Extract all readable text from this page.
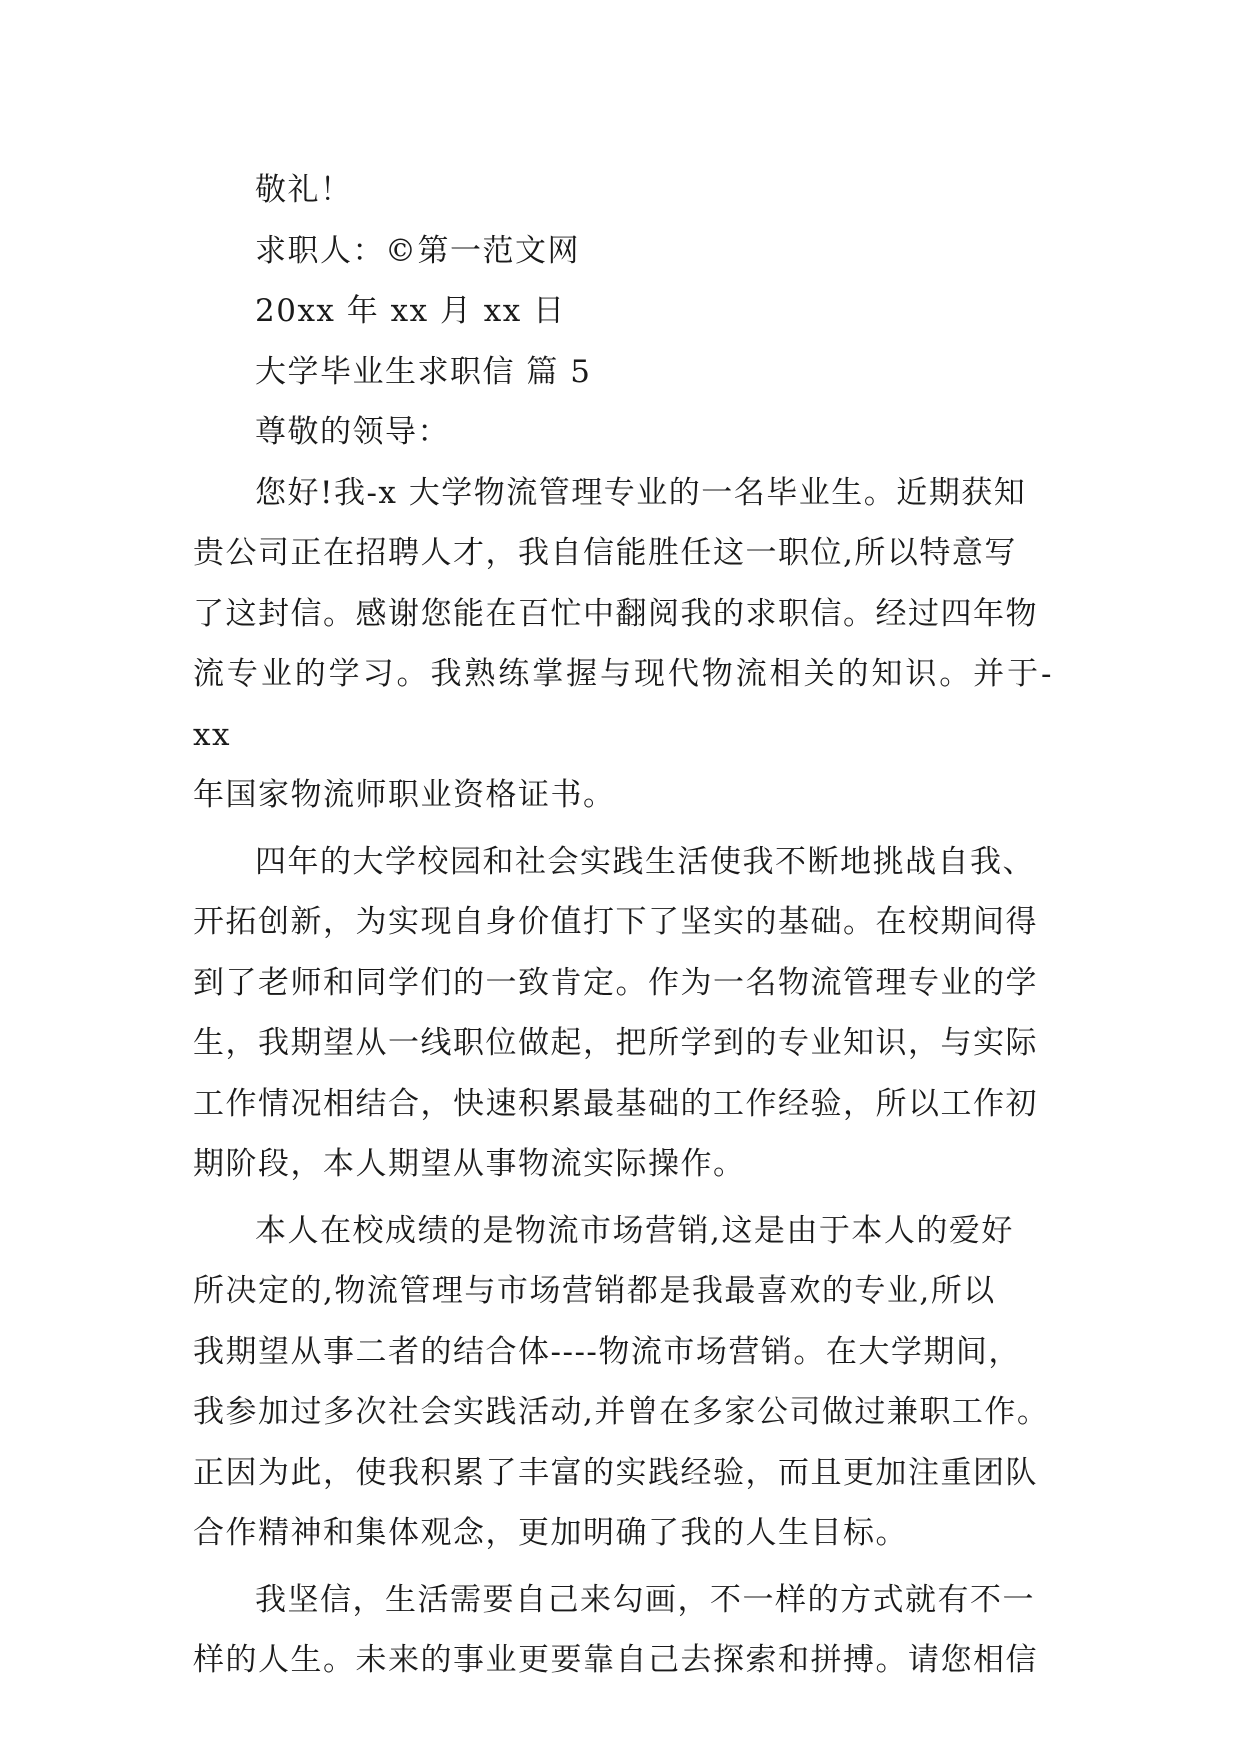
敬礼！
求职人：©第一范文网
20xx 年 xx 月 xx 日
大学毕业生求职信 篇 5
尊敬的领导：
您好!我-x 大学物流管理专业的一名毕业生。近期获知
贵公司正在招聘人才，我自信能胜任这一职位,所以特意写
了这封信。感谢您能在百忙中翻阅我的求职信。经过四年物
流专业的学习。我熟练掌握与现代物流相关的知识。并于-xx
年国家物流师职业资格证书。
四年的大学校园和社会实践生活使我不断地挑战自我、
开拓创新，为实现自身价值打下了坚实的基础。在校期间得
到了老师和同学们的一致肯定。作为一名物流管理专业的学
生，我期望从一线职位做起，把所学到的专业知识，与实际
工作情况相结合，快速积累最基础的工作经验，所以工作初
期阶段，本人期望从事物流实际操作。
本人在校成绩的是物流市场营销,这是由于本人的爱好
所决定的,物流管理与市场营销都是我最喜欢的专业,所以
我期望从事二者的结合体----物流市场营销。在大学期间，
我参加过多次社会实践活动,并曾在多家公司做过兼职工作。
正因为此，使我积累了丰富的实践经验，而且更加注重团队
合作精神和集体观念，更加明确了我的人生目标。
我坚信，生活需要自己来勾画，不一样的方式就有不一
样的人生。未来的事业更要靠自己去探索和拼搏。请您相信
